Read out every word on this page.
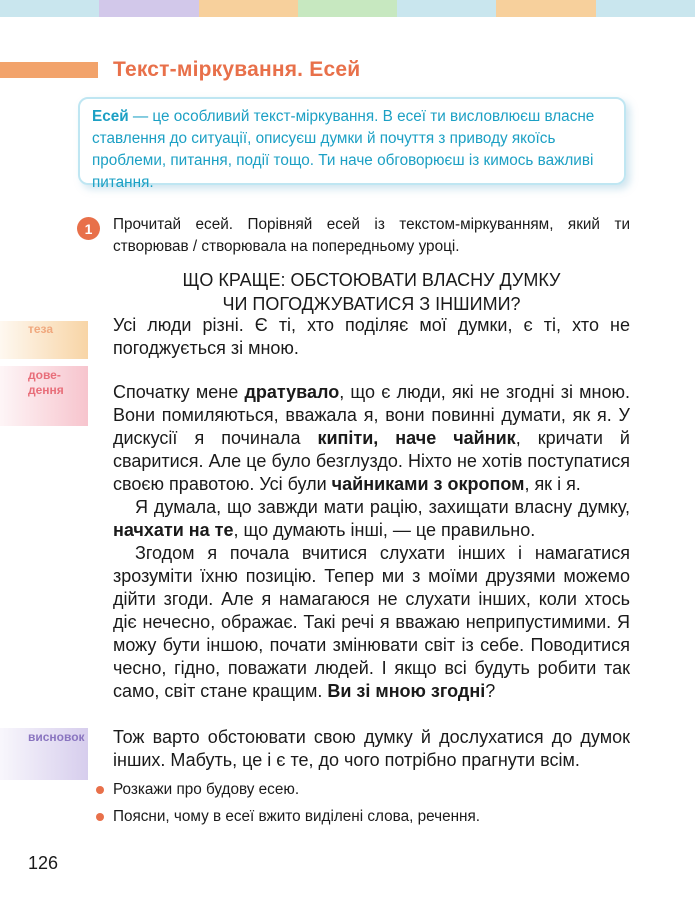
Текст-міркування. Есей
Есей — це особливий текст-міркування. В есеї ти висловлюєш власне ставлення до ситуації, описуєш думки й почуття з приводу якоїсь проблеми, питання, події тощо. Ти наче обговорюєш із кимось важливі питання.
1	Прочитай есей. Порівняй есей із текстом-міркуванням, який ти створював / створювала на попередньому уроці.
ЩО КРАЩЕ: ОБСТОЮВАТИ ВЛАСНУ ДУМКУ
ЧИ ПОГОДЖУВАТИСЯ З ІНШИМИ?
теза
дове-
дення
висновок

Усі люди різні. Є ті, хто поділяє мої думки, є ті, хто не погоджується зі мною.

Спочатку мене дратувало, що є люди, які не згодні зі мною. Вони помиляються, вважала я, вони повинні думати, як я. У дискусії я починала кипіти, наче чайник, кричати й сваритися. Але це було безглуздо. Ніхто не хотів поступатися своєю правотою. Усі були чайниками з окропом, як і я.

Я думала, що завжди мати рацію, захищати власну думку, начхати на те, що думають інші, — це правильно.

Згодом я почала вчитися слухати інших і намагатися зрозуміти їхню позицію. Тепер ми з моїми друзями можемо дійти згоди. Але я намагаюся не слухати інших, коли хтось діє нечесно, ображає. Такі речі я вважаю неприпустимими. Я можу бути іншою, почати змінювати світ із себе. Поводитися чесно, гідно, поважати людей. І якщо всі будуть робити так само, світ стане кращим. Ви зі мною згодні?

Тож варто обстоювати свою думку й дослухатися до думок інших. Мабуть, це і є те, до чого потрібно прагнути всім.
Розкажи про будову есею.
Поясни, чому в есеї вжито виділені слова, речення.
126
